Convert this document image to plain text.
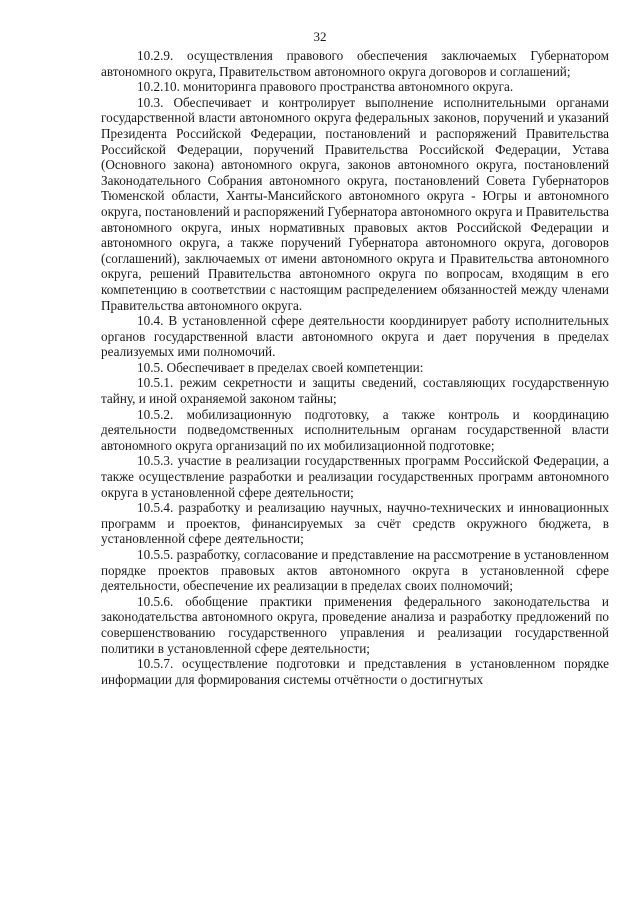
32

10.2.9. осуществления правового обеспечения заключаемых Губернатором автономного округа, Правительством автономного округа договоров и соглашений;

10.2.10. мониторинга правового пространства автономного округа.

10.3. Обеспечивает и контролирует выполнение исполнительными органами государственной власти автономного округа федеральных законов, поручений и указаний Президента Российской Федерации, постановлений и распоряжений Правительства Российской Федерации, поручений Правительства Российской Федерации, Устава (Основного закона) автономного округа, законов автономного округа, постановлений Законодательного Собрания автономного округа, постановлений Совета Губернаторов Тюменской области, Ханты-Мансийского автономного округа - Югры и автономного округа, постановлений и распоряжений Губернатора автономного округа и Правительства автономного округа, иных нормативных правовых актов Российской Федерации и автономного округа, а также поручений Губернатора автономного округа, договоров (соглашений), заключаемых от имени автономного округа и Правительства автономного округа, решений Правительства автономного округа по вопросам, входящим в его компетенцию в соответствии с настоящим распределением обязанностей между членами Правительства автономного округа.

10.4. В установленной сфере деятельности координирует работу исполнительных органов государственной власти автономного округа и дает поручения в пределах реализуемых ими полномочий.

10.5. Обеспечивает в пределах своей компетенции:

10.5.1. режим секретности и защиты сведений, составляющих государственную тайну, и иной охраняемой законом тайны;

10.5.2. мобилизационную подготовку, а также контроль и координацию деятельности подведомственных исполнительным органам государственной власти автономного округа организаций по их мобилизационной подготовке;

10.5.3. участие в реализации государственных программ Российской Федерации, а также осуществление разработки и реализации государственных программ автономного округа в установленной сфере деятельности;

10.5.4. разработку и реализацию научных, научно-технических и инновационных программ и проектов, финансируемых за счёт средств окружного бюджета, в установленной сфере деятельности;

10.5.5. разработку, согласование и представление на рассмотрение в установленном порядке проектов правовых актов автономного округа в установленной сфере деятельности, обеспечение их реализации в пределах своих полномочий;

10.5.6. обобщение практики применения федерального законодательства и законодательства автономного округа, проведение анализа и разработку предложений по совершенствованию государственного управления и реализации государственной политики в установленной сфере деятельности;

10.5.7. осуществление подготовки и представления в установленном порядке информации для формирования системы отчётности о достигнутых
